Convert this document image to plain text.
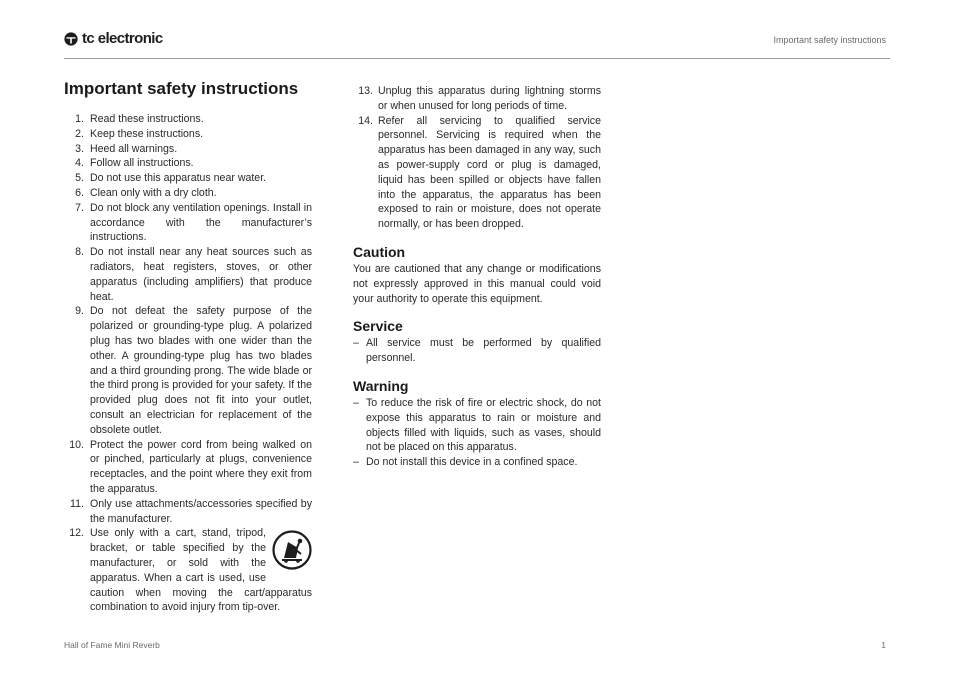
tc electronic	Important safety instructions
Important safety instructions
1. Read these instructions.
2. Keep these instructions.
3. Heed all warnings.
4. Follow all instructions.
5. Do not use this apparatus near water.
6. Clean only with a dry cloth.
7. Do not block any ventilation openings. Install in accordance with the manufacturer’s instructions.
8. Do not install near any heat sources such as radiators, heat registers, stoves, or other apparatus (including amplifiers) that produce heat.
9. Do not defeat the safety purpose of the polarized or grounding-type plug. A polarized plug has two blades with one wider than the other. A grounding-type plug has two blades and a third grounding prong. The wide blade or the third prong is provided for your safety. If the provided plug does not fit into your outlet, consult an electrician for replacement of the obsolete outlet.
10. Protect the power cord from being walked on or pinched, particularly at plugs, convenience receptacles, and the point where they exit from the apparatus.
11. Only use attachments/accessories specified by the manufacturer.
12. Use only with a cart, stand, tripod, bracket, or table specified by the manufacturer, or sold with the apparatus. When a cart is used, use caution when moving the cart/apparatus combination to avoid injury from tip-over.
13. Unplug this apparatus during lightning storms or when unused for long periods of time.
14. Refer all servicing to qualified service personnel. Servicing is required when the apparatus has been damaged in any way, such as power-supply cord or plug is damaged, liquid has been spilled or objects have fallen into the apparatus, the apparatus has been exposed to rain or moisture, does not operate normally, or has been dropped.
Caution

You are cautioned that any change or modifications not expressly approved in this manual could void your authority to operate this equipment.

Service
– All service must be performed by qualified personnel.
Warning
– To reduce the risk of fire or electric shock, do not expose this apparatus to rain or moisture and objects filled with liquids, such as vases, should not be placed on this apparatus.
– Do not install this device in a confined space.
Hall of Fame Mini Reverb	1
